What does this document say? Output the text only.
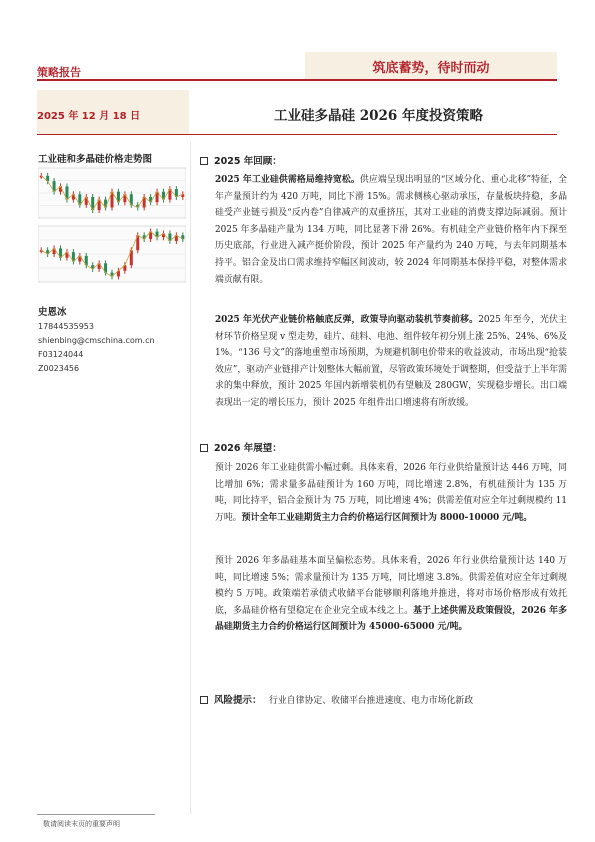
策略报告	筑底蓄势，待时而动
2025 年 12 月 18 日	工业硅多晶硅 2026 年度投资策略
工业硅和多晶硅价格走势图
史恩冰
17844535953
shienbing@cmschina.com.cn
F03124044
Z0023456
2025 年回顾：
2025 年工业硅供需格局维持宽松。供应端呈现出明显的“区域分化、重心北移”特征，全年产量预计约为 420 万吨，同比下滑 15%。需求侧核心驱动承压，存量板块持稳，多晶硅受产业链亏损及“反内卷”自律减产的双重挤压，其对工业硅的消费支撑边际减弱。预计 2025 年多晶硅产量为 134 万吨，同比显著下滑 26%。有机硅全产业链价格年内下探至历史底部，行业进入减产挺价阶段，预计 2025 年产量约为 240 万吨，与去年同期基本持平。铝合金及出口需求维持窄幅区间波动，较 2024 年同期基本保持平稳，对整体需求端贡献有限。
2025 年光伏产业链价格触底反弹，政策导向驱动装机节奏前移。2025 年至今，光伏主材环节价格呈现 v 型走势，硅片、硅料、电池、组件较年初分别上涨 25%、24%、6%及 1%。“136 号文”的落地重塑市场预期，为规避机制电价带来的收益波动，市场出现“抢装效应”，驱动产业链排产计划整体大幅前置，尽管政策环境处于调整期，但受益于上半年需求的集中释放，预计 2025 年国内新增装机仍有望触及 280GW，实现稳步增长。出口端表现出一定的增长压力，预计 2025 年组件出口增速将有所放缓。
2026 年展望：
预计 2026 年工业硅供需小幅过剩。具体来看，2026 年行业供给量预计达 446 万吨，同比增加 6%；需求量多晶硅预计为 160 万吨，同比增速 2.8%，有机硅预计为 135 万吨，同比持平，铝合金预计为 75 万吨，同比增速 4%；供需差值对应全年过剩规模约 11 万吨。预计全年工业硅期货主力合约价格运行区间预计为 8000-10000 元/吨。
预计 2026 年多晶硅基本面呈偏松态势。具体来看，2026 年行业供给量预计达 140 万吨，同比增速 5%；需求量预计为 135 万吨，同比增速 3.8%。供需差值对应全年过剩规模约 5 万吨。政策端若承债式收储平台能够顺利落地并推进，将对市场价格形成有效托底，多晶硅价格有望稳定在企业完全成本线之上。基于上述供需及政策假设，2026 年多晶硅期货主力合约价格运行区间预计为 45000-65000 元/吨。
风险提示： 行业自律协定、收储平台推进速度、电力市场化新政
敬请阅读末页的重要声明
